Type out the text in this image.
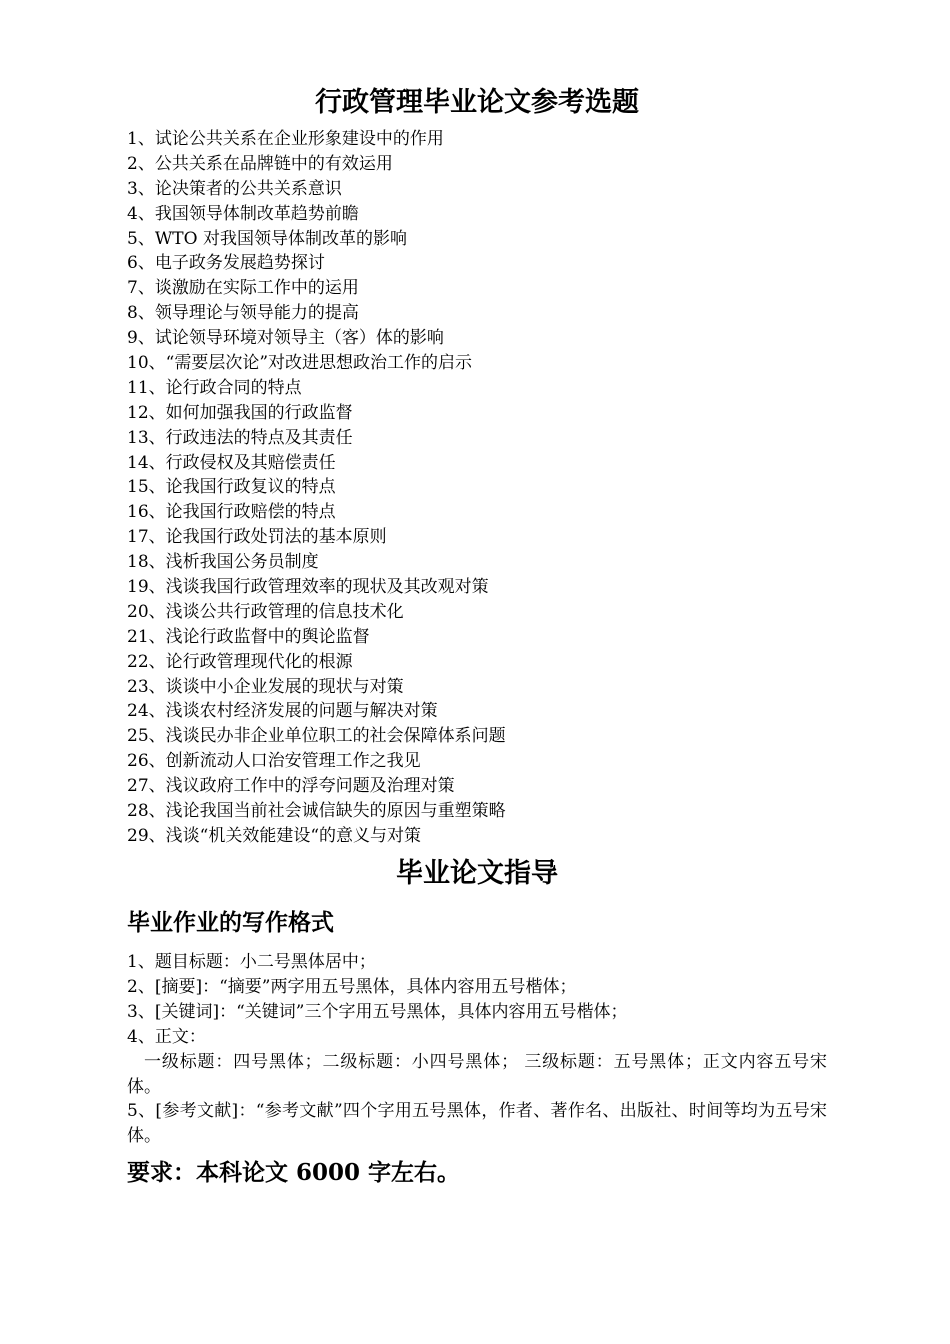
行政管理毕业论文参考选题
1、试论公共关系在企业形象建设中的作用
2、公共关系在品牌链中的有效运用
3、论决策者的公共关系意识
4、我国领导体制改革趋势前瞻
5、WTO 对我国领导体制改革的影响
6、电子政务发展趋势探讨
7、谈激励在实际工作中的运用
8、领导理论与领导能力的提高
9、试论领导环境对领导主（客）体的影响
10、“需要层次论”对改进思想政治工作的启示
11、论行政合同的特点
12、如何加强我国的行政监督
13、行政违法的特点及其责任
14、行政侵权及其赔偿责任
15、论我国行政复议的特点
16、论我国行政赔偿的特点
17、论我国行政处罚法的基本原则
18、浅析我国公务员制度
19、浅谈我国行政管理效率的现状及其改观对策
20、浅谈公共行政管理的信息技术化
21、浅论行政监督中的舆论监督
22、论行政管理现代化的根源
23、谈谈中小企业发展的现状与对策
24、浅谈农村经济发展的问题与解决对策
25、浅谈民办非企业单位职工的社会保障体系问题
26、创新流动人口治安管理工作之我见
27、浅议政府工作中的浮夸问题及治理对策
28、浅论我国当前社会诚信缺失的原因与重塑策略
29、浅谈“机关效能建设“的意义与对策
毕业论文指导
毕业作业的写作格式

1、题目标题：小二号黑体居中；

2、[摘要]：“摘要”两字用五号黑体，具体内容用五号楷体；

3、[关键词]：“关键词”三个字用五号黑体，具体内容用五号楷体；

4、正文：

一级标题：四号黑体；二级标题：小四号黑体； 三级标题：五号黑体；正文内容五号宋体。

5、[参考文献]：“参考文献”四个字用五号黑体，作者、著作名、出版社、时间等均为五号宋体。

要求：本科论文 6000 字左右。
